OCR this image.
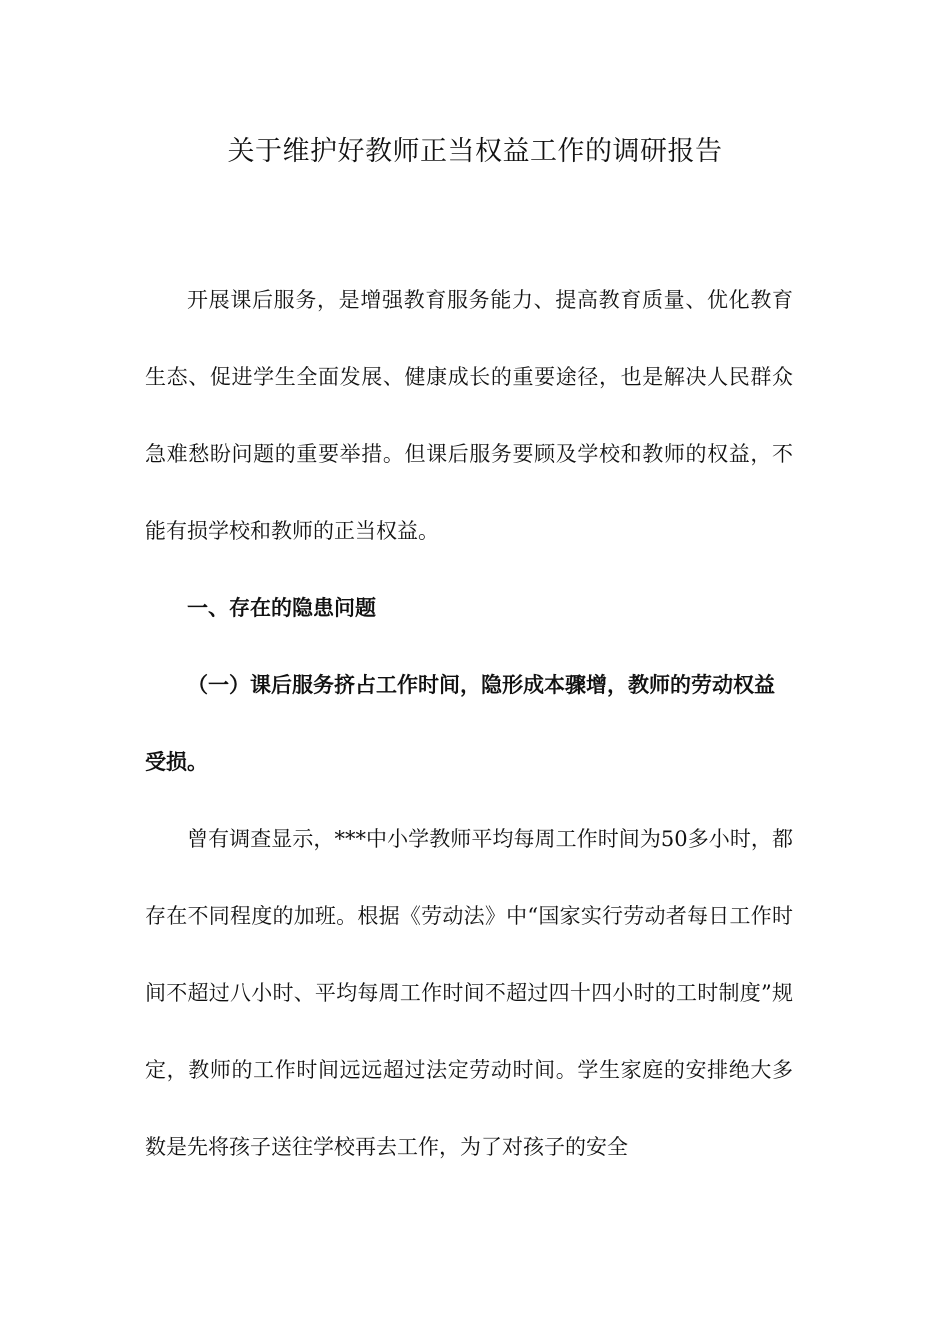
关于维护好教师正当权益工作的调研报告

开展课后服务，是增强教育服务能力、提高教育质量、优化教育生态、促进学生全面发展、健康成长的重要途径，也是解决人民群众急难愁盼问题的重要举措。但课后服务要顾及学校和教师的权益，不能有损学校和教师的正当权益。

一、存在的隐患问题

（一）课后服务挤占工作时间，隐形成本骤增，教师的劳动权益受损。

曾有调查显示，***中小学教师平均每周工作时间为50多小时，都存在不同程度的加班。根据《劳动法》中“国家实行劳动者每日工作时间不超过八小时、平均每周工作时间不超过四十四小时的工时制度”规定，教师的工作时间远远超过法定劳动时间。学生家庭的安排绝大多数是先将孩子送往学校再去工作，为了对孩子的安全
